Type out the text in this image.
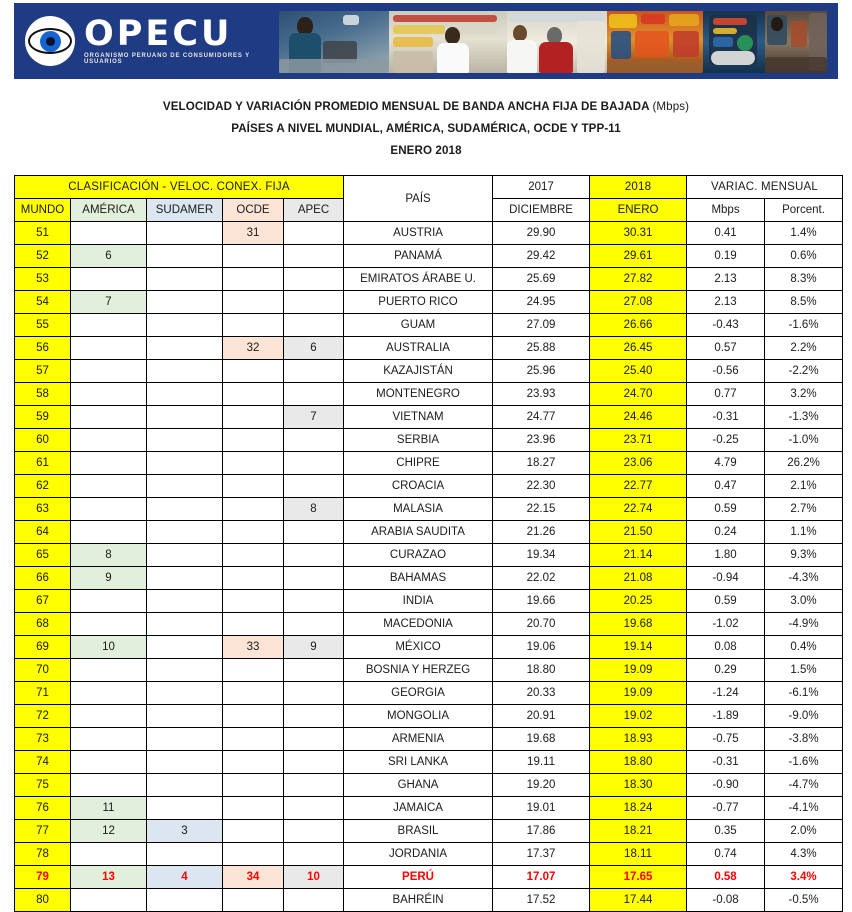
OPECU
ORGANISMO PERUANO DE CONSUMIDORES Y USUARIOS
VELOCIDAD Y VARIACIÓN PROMEDIO MENSUAL DE BANDA ANCHA FIJA DE BAJADA (Mbps)
PAÍSES A NIVEL MUNDIAL, AMÉRICA, SUDAMÉRICA, OCDE Y TPP-11
ENERO 2018
CLASIFICACIÓN - VELOC. CONEX. FIJA					PAÍS	2017	2018	VARIAC. MENSUAL	
MUNDO	AMÉRICA	SUDAMER	OCDE	APEC		DICIEMBRE	ENERO	Mbps	Porcent.
51			31		AUSTRIA	29.90	30.31	0.41	1.4%
52	6				PANAMÁ	29.42	29.61	0.19	0.6%
53					EMIRATOS ÁRABE U.	25.69	27.82	2.13	8.3%
54	7				PUERTO RICO	24.95	27.08	2.13	8.5%
55					GUAM	27.09	26.66	-0.43	-1.6%
56			32	6	AUSTRALIA	25.88	26.45	0.57	2.2%
57					KAZAJISTÁN	25.96	25.40	-0.56	-2.2%
58					MONTENEGRO	23.93	24.70	0.77	3.2%
59				7	VIETNAM	24.77	24.46	-0.31	-1.3%
60					SERBIA	23.96	23.71	-0.25	-1.0%
61					CHIPRE	18.27	23.06	4.79	26.2%
62					CROACIA	22.30	22.77	0.47	2.1%
63				8	MALASIA	22.15	22.74	0.59	2.7%
64					ARABIA SAUDITA	21.26	21.50	0.24	1.1%
65	8				CURAZAO	19.34	21.14	1.80	9.3%
66	9				BAHAMAS	22.02	21.08	-0.94	-4.3%
67					INDIA	19.66	20.25	0.59	3.0%
68					MACEDONIA	20.70	19.68	-1.02	-4.9%
69	10		33	9	MÉXICO	19.06	19.14	0.08	0.4%
70					BOSNIA Y HERZEG	18.80	19.09	0.29	1.5%
71					GEORGIA	20.33	19.09	-1.24	-6.1%
72					MONGOLIA	20.91	19.02	-1.89	-9.0%
73					ARMENIA	19.68	18.93	-0.75	-3.8%
74					SRI LANKA	19.11	18.80	-0.31	-1.6%
75					GHANA	19.20	18.30	-0.90	-4.7%
76	11				JAMAICA	19.01	18.24	-0.77	-4.1%
77	12	3			BRASIL	17.86	18.21	0.35	2.0%
78					JORDANIA	17.37	18.11	0.74	4.3%
79	13	4	34	10	PERÚ	17.07	17.65	0.58	3.4%
80					BAHRÉIN	17.52	17.44	-0.08	-0.5%
